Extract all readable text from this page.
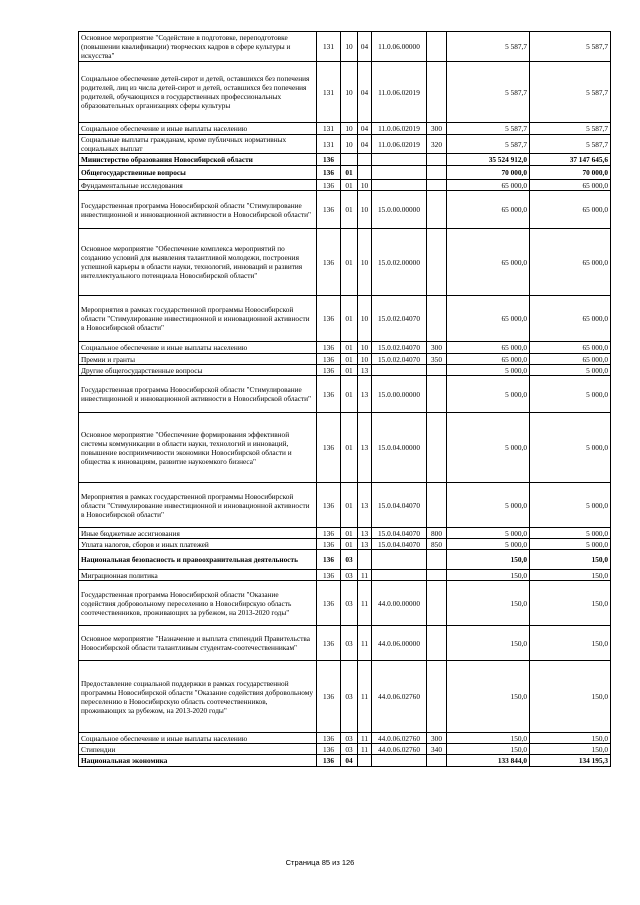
Основное мероприятие "Содействие в подготовке, переподготовке (повышении квалификации) творческих кадров в сфере культуры и искусства"	131	10	04	11.0.06.00000		5 587,7	5 587,7
Социальное обеспечение детей-сирот и детей, оставшихся без попечения родителей, лиц из числа детей-сирот и детей, оставшихся без попечения родителей, обучающихся в государственных профессиональных образовательных организациях сферы культуры	131	10	04	11.0.06.02019		5 587,7	5 587,7
Социальное обеспечение и иные выплаты населению	131	10	04	11.0.06.02019	300	5 587,7	5 587,7
Социальные выплаты гражданам, кроме публичных нормативных социальных выплат	131	10	04	11.0.06.02019	320	5 587,7	5 587,7
Министерство образования Новосибирской области	136					35 524 912,0	37 147 645,6
Общегосударственные вопросы	136	01				70 000,0	70 000,0
Фундаментальные исследования	136	01	10			65 000,0	65 000,0
Государственная программа Новосибирской области "Стимулирование инвестиционной и инновационной активности в Новосибирской области"	136	01	10	15.0.00.00000		65 000,0	65 000,0
Основное мероприятие "Обеспечение комплекса мероприятий по созданию условий для выявления талантливой молодежи, построения успешной карьеры в области науки, технологий, инноваций и развития интеллектуального потенциала Новосибирской области"	136	01	10	15.0.02.00000		65 000,0	65 000,0
Мероприятия в рамках государственной программы Новосибирской области "Стимулирование инвестиционной и инновационной активности в Новосибирской области"	136	01	10	15.0.02.04070		65 000,0	65 000,0
Социальное обеспечение и иные выплаты населению	136	01	10	15.0.02.04070	300	65 000,0	65 000,0
Премии и гранты	136	01	10	15.0.02.04070	350	65 000,0	65 000,0
Другие общегосударственные вопросы	136	01	13			5 000,0	5 000,0
Государственная программа Новосибирской области "Стимулирование инвестиционной и инновационной активности в Новосибирской области"	136	01	13	15.0.00.00000		5 000,0	5 000,0
Основное мероприятие "Обеспечение формирования эффективной системы коммуникации в области науки, технологий и инноваций, повышение восприимчивости экономики Новосибирской области и общества к инновациям, развитие наукоемкого бизнеса"	136	01	13	15.0.04.00000		5 000,0	5 000,0
Мероприятия в рамках государственной программы Новосибирской области "Стимулирование инвестиционной и инновационной активности в Новосибирской области"	136	01	13	15.0.04.04070		5 000,0	5 000,0
Иные бюджетные ассигнования	136	01	13	15.0.04.04070	800	5 000,0	5 000,0
Уплата налогов, сборов и иных платежей	136	01	13	15.0.04.04070	850	5 000,0	5 000,0
Национальная безопасность и правоохранительная деятельность	136	03				150,0	150,0
Миграционная политика	136	03	11			150,0	150,0
Государственная программа Новосибирской области "Оказание содействия добровольному переселению в Новосибирскую область соотечественников, проживающих за рубежом, на 2013-2020 годы"	136	03	11	44.0.00.00000		150,0	150,0
Основное мероприятие "Назначение и выплата стипендий Правительства Новосибирской области талантливым студентам-соотечественникам"	136	03	11	44.0.06.00000		150,0	150,0
Предоставление социальной поддержки в рамках государственной программы Новосибирской области "Оказание содействия добровольному переселению в Новосибирскую область соотечественников, проживающих за рубежом, на 2013-2020 годы"	136	03	11	44.0.06.02760		150,0	150,0
Социальное обеспечение и иные выплаты населению	136	03	11	44.0.06.02760	300	150,0	150,0
Стипендии	136	03	11	44.0.06.02760	340	150,0	150,0
Национальная экономика	136	04				133 844,0	134 195,3
Страница 85 из 126
